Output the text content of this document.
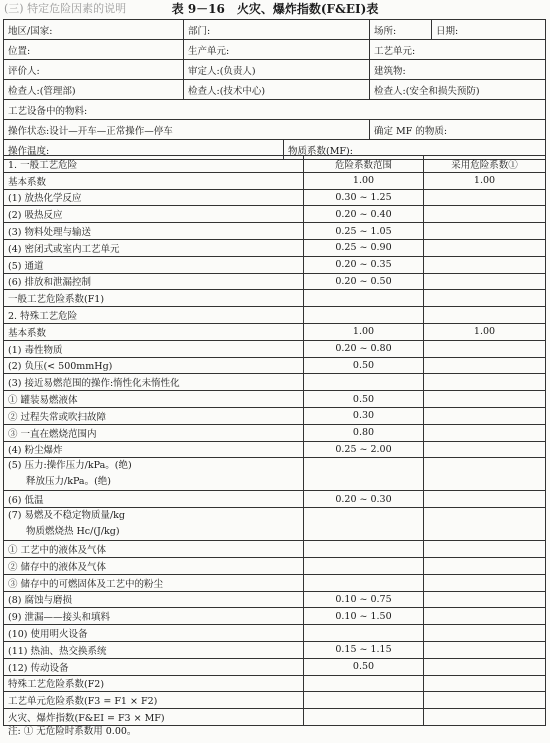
(三) 特定危险因素的说明	表 9－16　火灾、爆炸指数(F&EI)表
地区/国家:	部门:		场所:	日期:
位置:	生产单元:		工艺单元:	
评价人:	审定人:(负责人)		建筑物:	
检查人:(管理部)	检查人:(技术中心)		检查人:(安全和损失预防)	
工艺设备中的物料:				
操作状态:设计—开车—正常操作—停车			确定 MF 的物质:	
操作温度:		物质系数(MF):		
1. 一般工艺危险	危险系数范围	采用危险系数①
基本系数	1.00	1.00
(1) 放热化学反应	0.30 ~ 1.25	
(2) 吸热反应	0.20 ~ 0.40	
(3) 物料处理与输送	0.25 ~ 1.05	
(4) 密闭式或室内工艺单元	0.25 ~ 0.90	
(5) 通道	0.20 ~ 0.35	
(6) 排放和泄漏控制	0.20 ~ 0.50	
一般工艺危险系数(F1)		
2. 特殊工艺危险		
基本系数	1.00	1.00
(1) 毒性物质	0.20 ~ 0.80	
(2) 负压(< 500mmHg)	0.50	
(3) 接近易燃范围的操作:惰性化未惰性化		
① 罐装易燃液体	0.50	
② 过程失常或吹扫故障	0.30	
③ 一直在燃烧范围内	0.80	
(4) 粉尘爆炸	0.25 ~ 2.00	

(5) 压力:操作压力/kPa。(绝)
释放压力/kPa。(绝)		

(6) 低温	0.20 ~ 0.30	

(7) 易燃及不稳定物质量/kg
物质燃烧热 Hc/(J/kg)		

① 工艺中的液体及气体		
② 储存中的液体及气体		
③ 储存中的可燃固体及工艺中的粉尘		
(8) 腐蚀与磨损	0.10 ~ 0.75	
(9) 泄漏——接头和填料	0.10 ~ 1.50	
(10) 使用明火设备		
(11) 热油、热交换系统	0.15 ~ 1.15	
(12) 传动设备	0.50	
特殊工艺危险系数(F2)		
工艺单元危险系数(F3 = F1 × F2)		
火灾、爆炸指数(F&EI = F3 × MF)		
注: ① 无危险时系数用 0.00。
